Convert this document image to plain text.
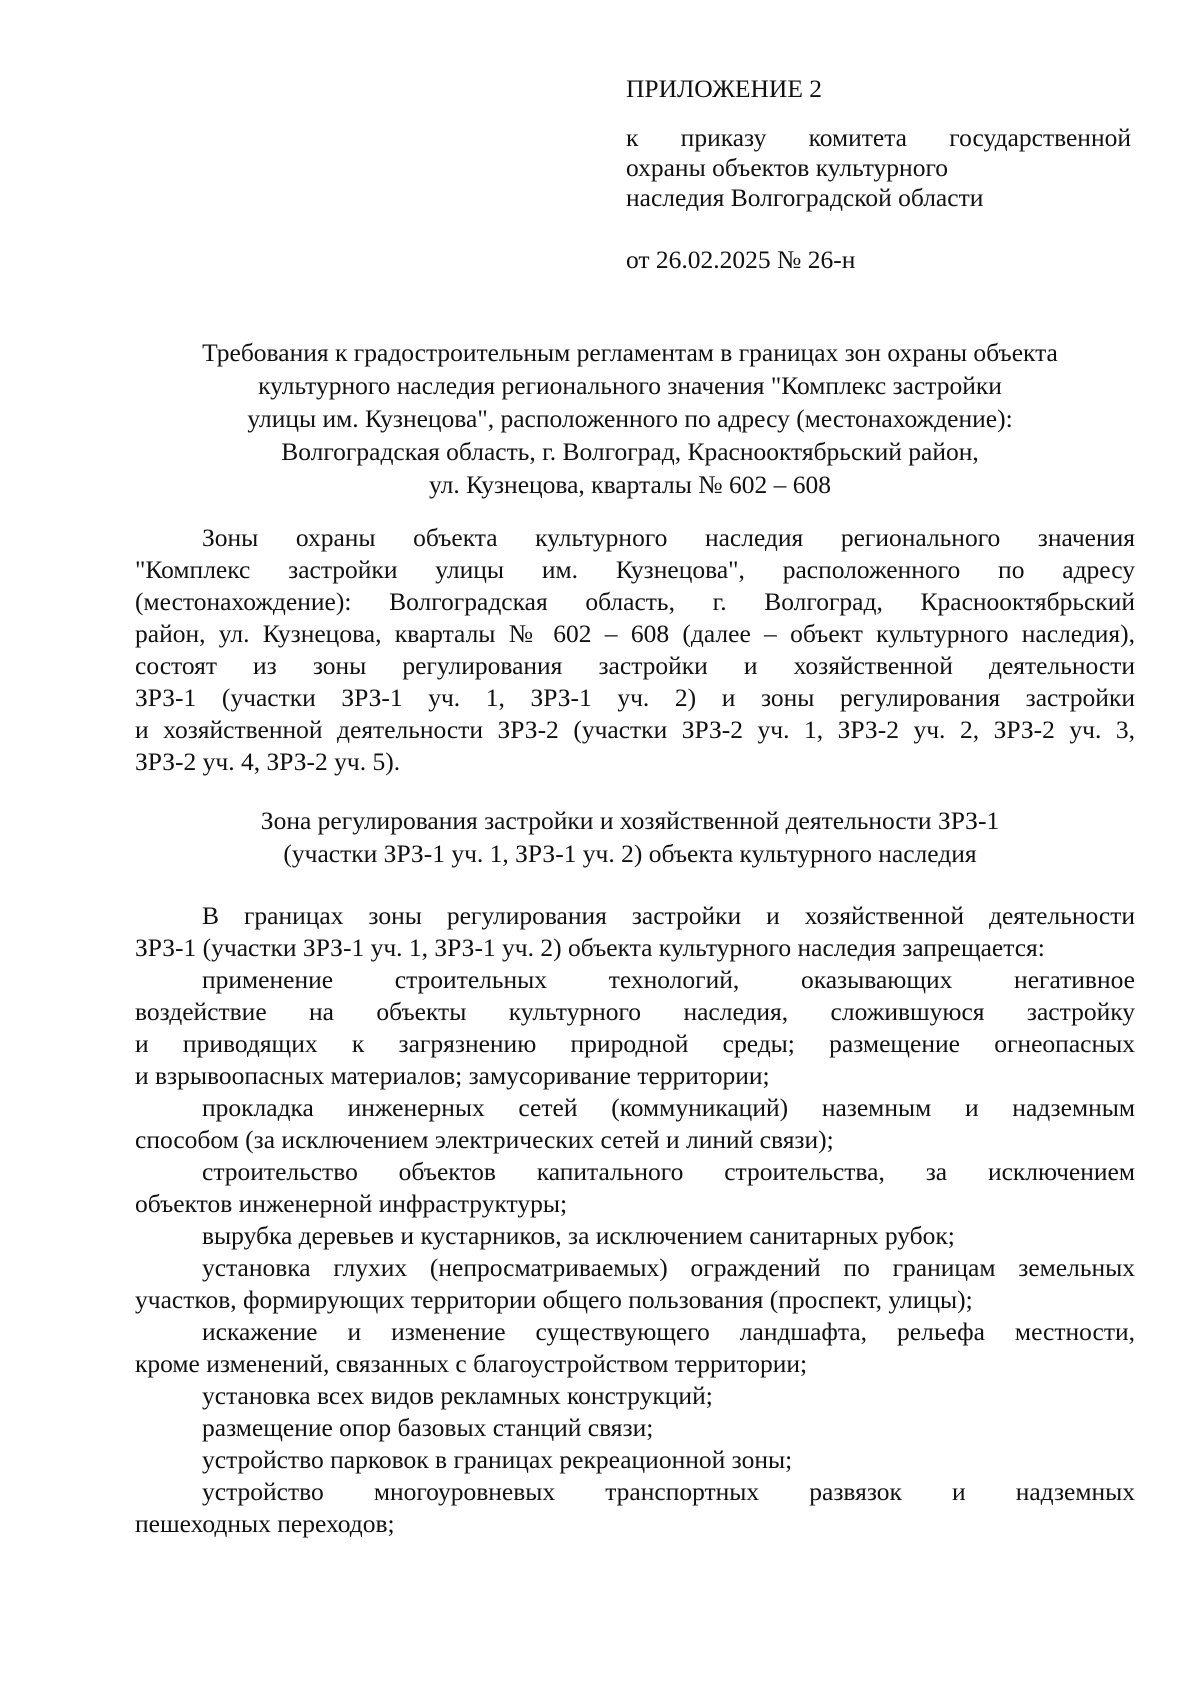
ПРИЛОЖЕНИЕ 2
к приказу комитета государственной
охраны объектов культурного
наследия Волгоградской области
от 26.02.2025 № 26-н
Требования к градостроительным регламентам в границах зон охраны объекта
культурного наследия регионального значения "Комплекс застройки
улицы им. Кузнецова", расположенного по адресу (местонахождение):
Волгоградская область, г. Волгоград, Краснооктябрьский район,
ул. Кузнецова, кварталы № 602 – 608
Зоны охраны объекта культурного наследия регионального значения
"Комплекс застройки улицы им. Кузнецова", расположенного по адресу
(местонахождение): Волгоградская область, г. Волгоград, Краснооктябрьский
район, ул. Кузнецова, кварталы № 602 – 608 (далее – объект культурного наследия),
состоят из зоны регулирования застройки и хозяйственной деятельности
ЗРЗ-1 (участки ЗРЗ-1 уч. 1, ЗРЗ-1 уч. 2) и зоны регулирования застройки
и хозяйственной деятельности ЗРЗ-2 (участки ЗРЗ-2 уч. 1, ЗРЗ-2 уч. 2, ЗРЗ-2 уч. 3,
ЗРЗ-2 уч. 4, ЗРЗ-2 уч. 5).
Зона регулирования застройки и хозяйственной деятельности ЗРЗ-1
(участки ЗРЗ-1 уч. 1, ЗРЗ-1 уч. 2) объекта культурного наследия
В границах зоны регулирования застройки и хозяйственной деятельности
ЗРЗ-1 (участки ЗРЗ-1 уч. 1, ЗРЗ-1 уч. 2) объекта культурного наследия запрещается:
применение строительных технологий, оказывающих негативное
воздействие на объекты культурного наследия, сложившуюся застройку
и приводящих к загрязнению природной среды; размещение огнеопасных
и взрывоопасных материалов; замусоривание территории;
прокладка инженерных сетей (коммуникаций) наземным и надземным
способом (за исключением электрических сетей и линий связи);
строительство объектов капитального строительства, за исключением
объектов инженерной инфраструктуры;
вырубка деревьев и кустарников, за исключением санитарных рубок;
установка глухих (непросматриваемых) ограждений по границам земельных
участков, формирующих территории общего пользования (проспект, улицы);
искажение и изменение существующего ландшафта, рельефа местности,
кроме изменений, связанных с благоустройством территории;
установка всех видов рекламных конструкций;
размещение опор базовых станций связи;
устройство парковок в границах рекреационной зоны;
устройство многоуровневых транспортных развязок и надземных
пешеходных переходов;
